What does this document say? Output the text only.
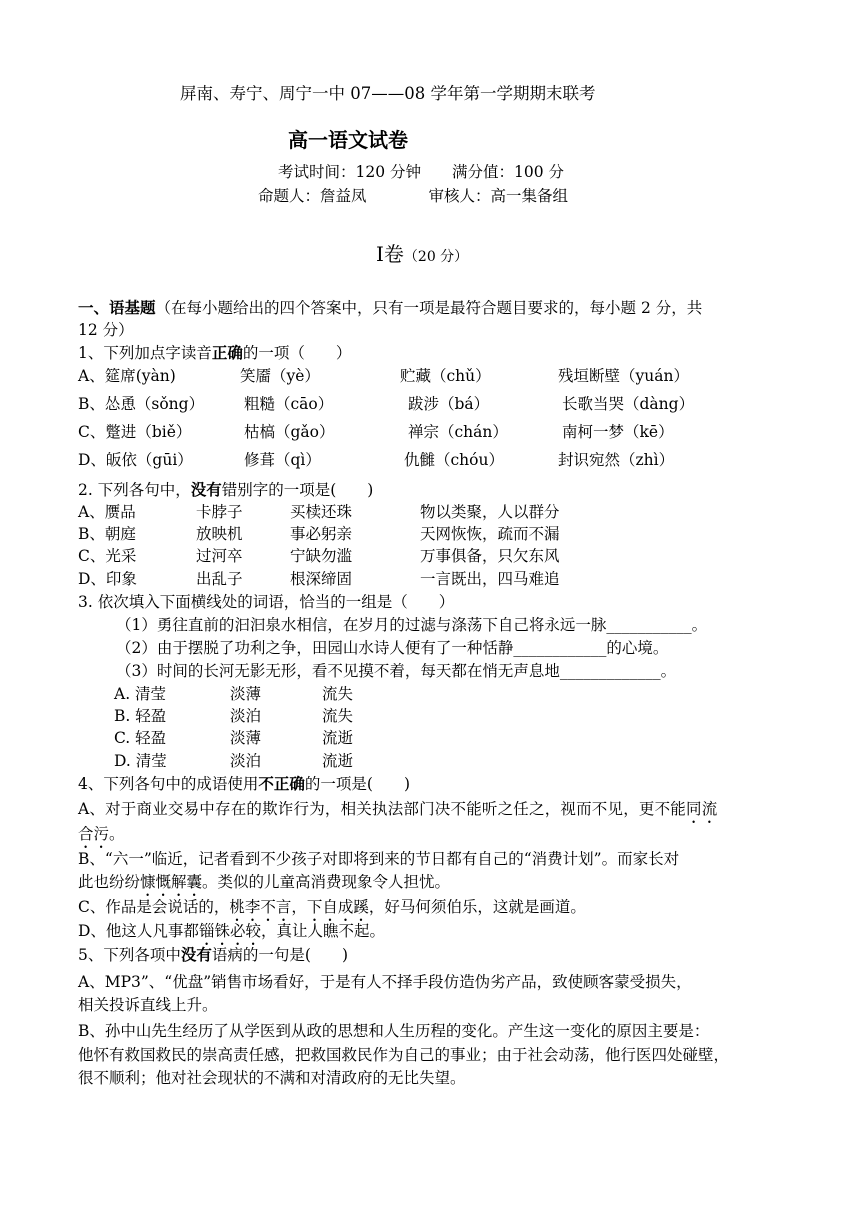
屏南、寿宁、周宁一中 07——08 学年第一学期期末联考
高一语文试卷
考试时间：120 分钟　　满分值：100 分
命题人：詹益凤　　　　审核人：高一集备组
Ⅰ卷（20 分）
一、语基题（在每小题给出的四个答案中，只有一项是最符合题目要求的，每小题 2 分，共
12 分）
1、下列加点字读音正确的一项（　　）
A、筵席(yàn)	笑靥（yè）	贮藏（chǔ）	残垣断壁（yuán）
B、怂恿（sǒng）	粗糙（cāo）	跋涉（bá）	长歌当哭（dàng）
C、蹩进（biě）	枯槁（gǎo）	禅宗（chán）	南柯一梦（kē）
D、皈依（gūi）	修葺（qì）	仇雠（chóu）	封识宛然（zhì）
2. 下列各句中，没有错别字的一项是(　　)
A、赝品	卡脖子	买椟还珠	物以类聚，人以群分
B、朝庭	放映机	事必躬亲	天网恢恢，疏而不漏
C、光采	过河卒	宁缺勿滥	万事俱备，只欠东风
D、印象	出乱子	根深缔固	一言既出，四马难追
3. 依次填入下面横线处的词语，恰当的一组是（　　）
（1）勇往直前的汩汩泉水相信，在岁月的过滤与涤荡下自己将永远一脉___________。
（2）由于摆脱了功利之争，田园山水诗人便有了一种恬静____________的心境。
（3）时间的长河无影无形，看不见摸不着，每天都在悄无声息地_____________。
A. 清莹	淡薄	流失
B. 轻盈	淡泊	流失
C. 轻盈	淡薄	流逝
D. 清莹	淡泊	流逝
4、下列各句中的成语使用不正确的一项是(　　)
A、对于商业交易中存在的欺诈行为，相关执法部门决不能听之任之，视而不见，更不能同流
合污。
B、“六一”临近，记者看到不少孩子对即将到来的节日都有自己的“消费计划”。而家长对
此也纷纷慷慨解囊。类似的儿童高消费现象令人担忧。
C、作品是会说话的，桃李不言，下自成蹊，好马何须伯乐，这就是画道。
D、他这人凡事都锱铢必较，真让人瞧不起。
5、下列各项中没有语病的一句是(　　)
A、MP3”、“优盘”销售市场看好，于是有人不择手段仿造伪劣产品，致使顾客蒙受损失，
相关投诉直线上升。
B、孙中山先生经历了从学医到从政的思想和人生历程的变化。产生这一变化的原因主要是：
他怀有救国救民的崇高责任感，把救国救民作为自己的事业；由于社会动荡，他行医四处碰壁，
很不顺利；他对社会现状的不满和对清政府的无比失望。
